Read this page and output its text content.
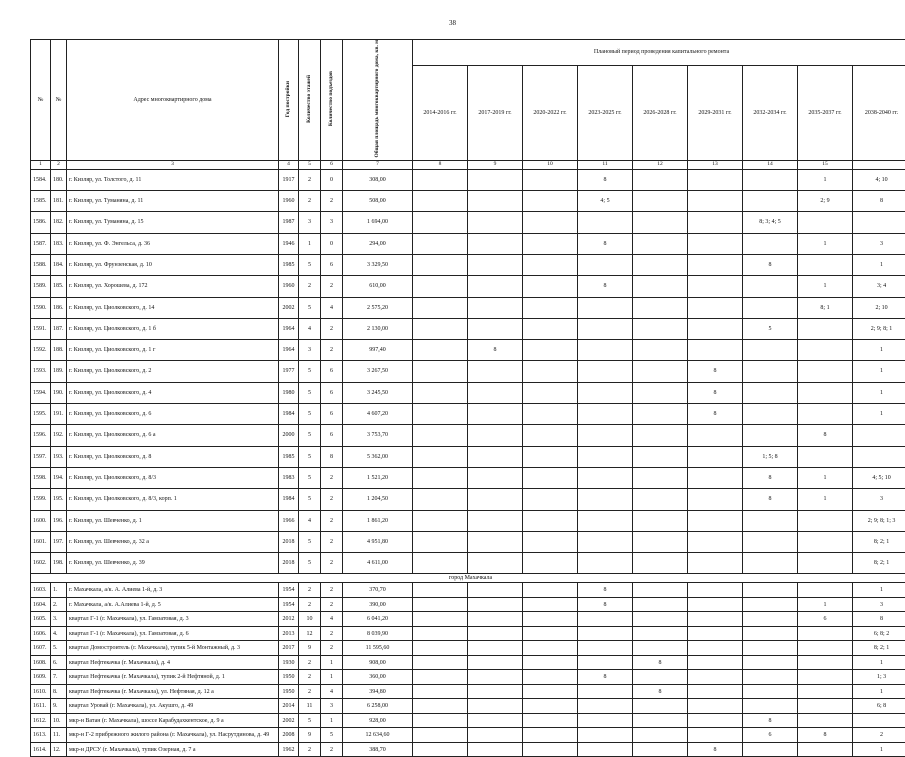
38
№	№	Адрес многоквартирного дома	Год постройки	Количество этажей	Количество подъездов	Общая площадь многоквартирного дома, кв. м	Плановый период проведения капитального ремонта								
							2014-2016 гг.	2017-2019 гг.	2020-2022 гг.	2023-2025 гг.	2026-2028 гг.	2029-2031 гг.	2032-2034 гг.	2035-2037 гг.	2038-2040 гг.
1	2	3	4	5	6	7	8	9	10	11	12	13	14	15	
1584.	180.	г. Кизляр, ул. Толстого, д. 11	1917	2	0	308,00				8				1	4; 10
1585.	181.	г. Кизляр, ул. Туманяна, д. 11	1960	2	2	508,00				4; 5				2; 9	8
1586.	182.	г. Кизляр, ул. Туманяна, д. 15	1987	3	3	1 694,00							8; 3; 4; 5		
1587.	183.	г. Кизляр, ул. Ф. Энгельса, д. 36	1946	1	0	294,00				8				1	3
1588.	184.	г. Кизляр, ул. Фрунзенская, д. 10	1985	5	6	3 329,50							8		1
1589.	185.	г. Кизляр, ул. Хорошева, д. 172	1960	2	2	610,00				8				1	3; 4
1590.	186.	г. Кизляр, ул. Циолковского, д. 14	2002	5	4	2 575,20								8; 1	2; 10
1591.	187.	г. Кизляр, ул. Циолковского, д. 1 б	1964	4	2	2 130,00							5		2; 9; 8; 1
1592.	188.	г. Кизляр, ул. Циолковского, д. 1 г	1964	3	2	997,40		8							1
1593.	189.	г. Кизляр, ул. Циолковского, д. 2	1977	5	6	3 267,50						8			1
1594.	190.	г. Кизляр, ул. Циолковского, д. 4	1980	5	6	3 245,50						8			1
1595.	191.	г. Кизляр, ул. Циолковского, д. 6	1984	5	6	4 607,20						8			1
1596.	192.	г. Кизляр, ул. Циолковского, д. 6 а	2000	5	6	3 753,70								8	
1597.	193.	г. Кизляр, ул. Циолковского, д. 8	1985	5	8	5 362,00							1; 5; 8		
1598.	194.	г. Кизляр, ул. Циолковского, д. 8/3	1983	5	2	1 521,20							8	1	4; 5; 10
1599.	195.	г. Кизляр, ул. Циолковского, д. 8/3, корп. 1	1984	5	2	1 204,50							8	1	3
1600.	196.	г. Кизляр, ул. Шевченко, д. 1	1966	4	2	1 861,20									2; 9; 8; 1; 3
1601.	197.	г. Кизляр, ул. Шевченко, д. 32 а	2018	5	2	4 951,80									8; 2; 1
1602.	198.	г. Кизляр, ул. Шевченко, д. 39	2018	5	2	4 611,00									8; 2; 1
город Махачкала															
1603.	1.	г. Махачкала, а/к. А. Алиева 1-й, д. 3	1954	2	2	370,70				8					1
1604.	2.	г. Махачкала, а/к. А.Алиева 1-й, д. 5	1954	2	2	390,00				8				1	3
1605.	3.	квартал Г-1 (г. Махачкала), ул. Гамзатовая, д. 3	2012	10	4	6 041,20								6	8
1606.	4.	квартал Г-1 (г. Махачкала), ул. Гамзатовая, д. 6	2013	12	2	8 039,90									6; 8; 2
1607.	5.	квартал Домостроитель (г. Махачкала), тупик 5-й Монтажный, д. 3	2017	9	2	11 595,60									8; 2; 1
1608.	6.	квартал Нефтекачка (г. Махачкала), д. 4	1930	2	1	908,00					8				1
1609.	7.	квартал Нефтекачка (г. Махачкала), тупик 2-й Нефтяной, д. 1	1950	2	1	360,00				8					1; 3
1610.	8.	квартал Нефтекачка (г. Махачкала), ул. Нефтяная, д. 12 а	1950	2	4	394,80					8				1
1611.	9.	квартал Уровай (г. Махачкала), ул. Акушго, д. 49	2014	11	3	6 258,00									6; 8
1612.	10.	мкр-н Ватан (г. Махачкала), шоссе Карабудахкентское, д. 9 а	2002	5	1	928,00							8		
1613.	11.	мкр-н Г-2 прибрежного жилого района (г. Махачкала), ул. Насрутдинова, д. 49	2008	9	5	12 634,60							6	8	2
1614.	12.	мкр-н ДРСУ (г. Махачкала), тупик Озерная, д. 7 а	1962	2	2	388,70						8			1
